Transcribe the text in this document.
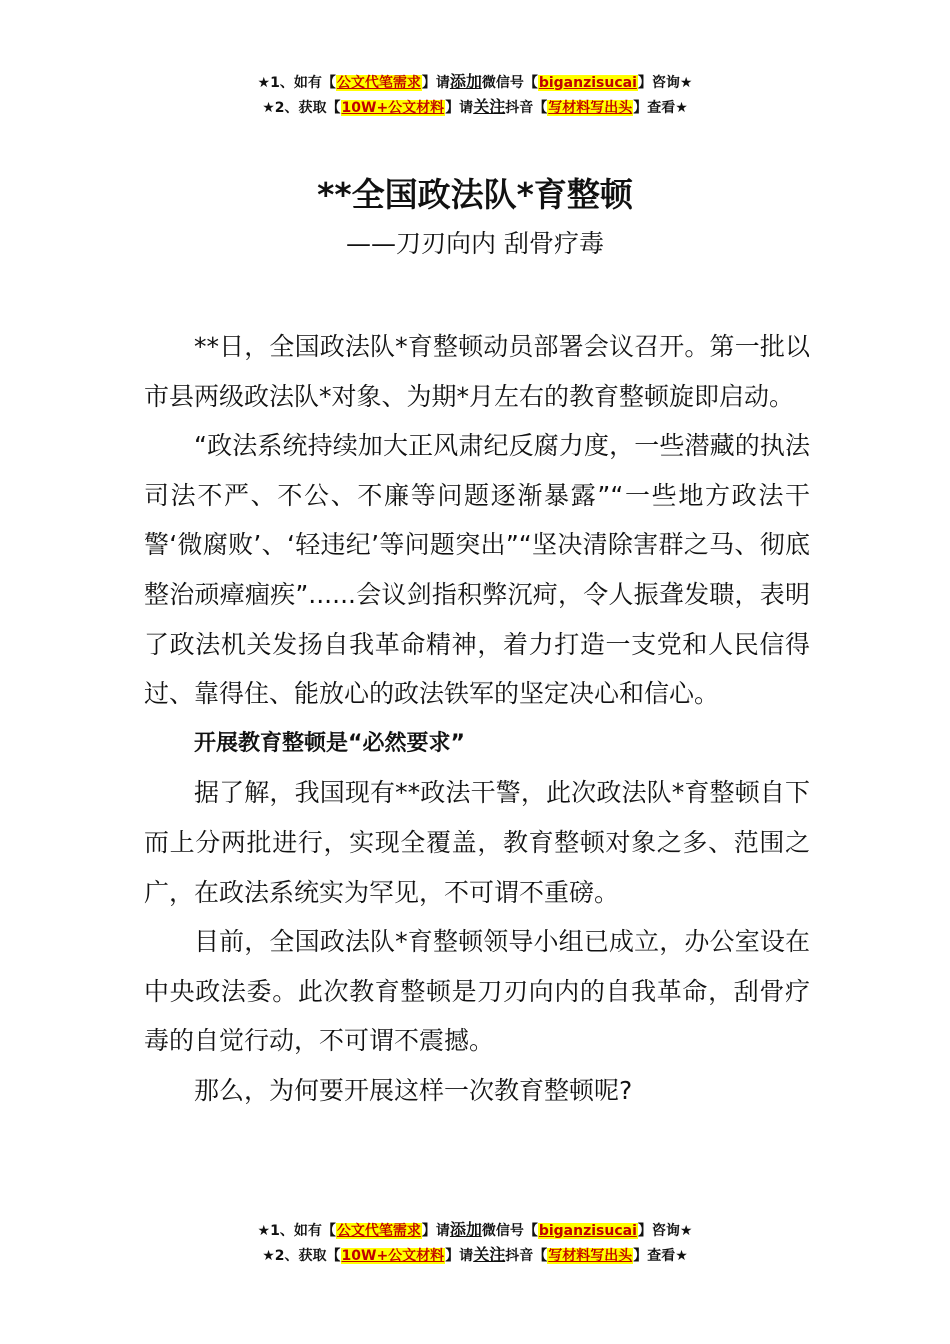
★1、如有【公文代笔需求】请添加微信号【biganzisucai】咨询★
★2、获取【10W+公文材料】请关注抖音【写材料写出头】查看★
**全国政法队*育整顿
——刀刃向内 刮骨疗毒

**日，全国政法队*育整顿动员部署会议召开。第一批以市县两级政法队*对象、为期*月左右的教育整顿旋即启动。

“政法系统持续加大正风肃纪反腐力度，一些潜藏的执法司法不严、不公、不廉等问题逐渐暴露”“一些地方政法干警‘微腐败’、‘轻违纪’等问题突出”“坚决清除害群之马、彻底整治顽瘴痼疾”......会议剑指积弊沉疴，令人振聋发聩，表明了政法机关发扬自我革命精神，着力打造一支党和人民信得过、靠得住、能放心的政法铁军的坚定决心和信心。

开展教育整顿是“必然要求”

据了解，我国现有**政法干警，此次政法队*育整顿自下而上分两批进行，实现全覆盖，教育整顿对象之多、范围之广，在政法系统实为罕见，不可谓不重磅。

目前，全国政法队*育整顿领导小组已成立，办公室设在中央政法委。此次教育整顿是刀刃向内的自我革命，刮骨疗毒的自觉行动，不可谓不震撼。

那么，为何要开展这样一次教育整顿呢?

★1、如有【公文代笔需求】请添加微信号【biganzisucai】咨询★
★2、获取【10W+公文材料】请关注抖音【写材料写出头】查看★
